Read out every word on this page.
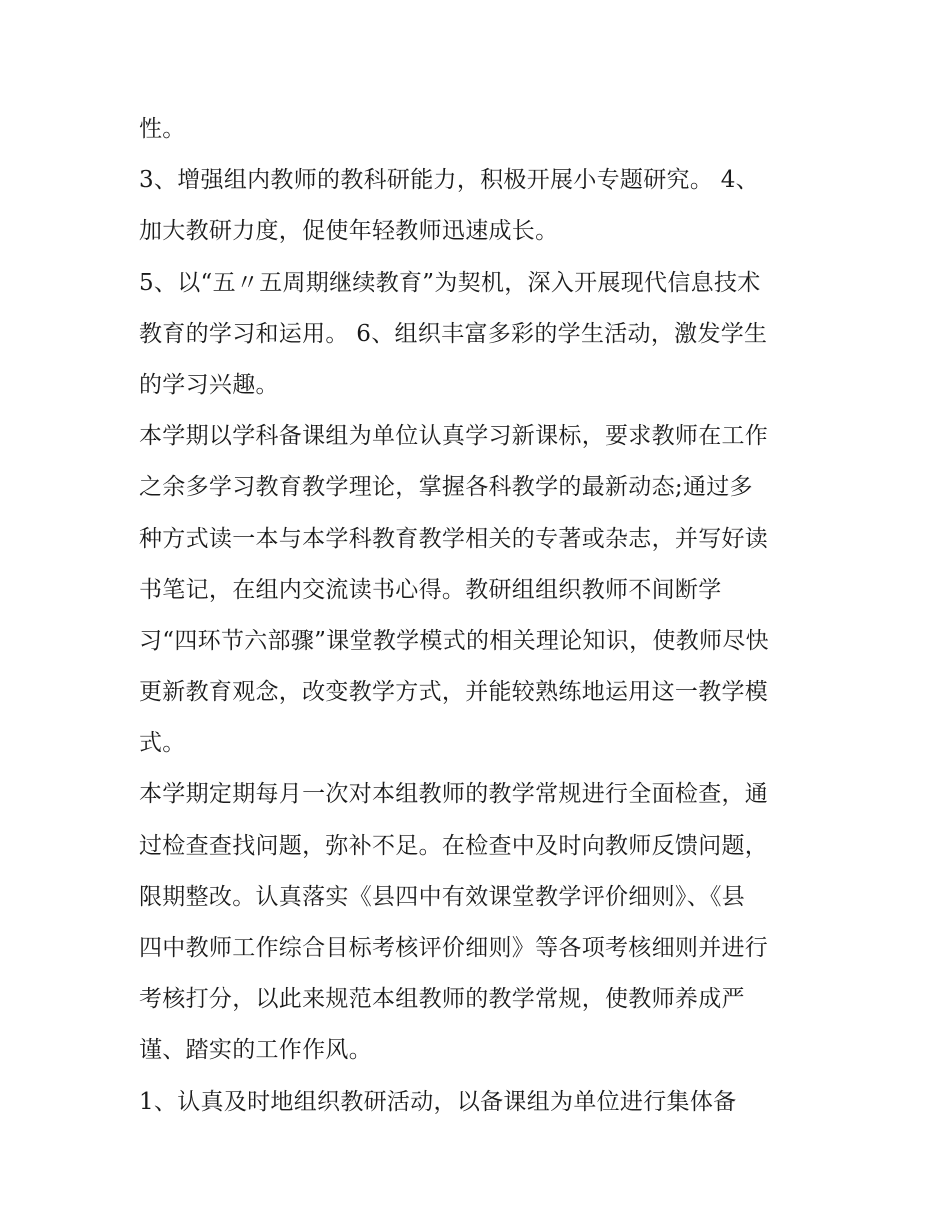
性。
3、增强组内教师的教科研能力，积极开展小专题研究。 4、
加大教研力度，促使年轻教师迅速成长。
5、以“五〃五周期继续教育”为契机，深入开展现代信息技术
教育的学习和运用。 6、组织丰富多彩的学生活动，激发学生
的学习兴趣。
本学期以学科备课组为单位认真学习新课标，要求教师在工作
之余多学习教育教学理论，掌握各科教学的最新动态;通过多
种方式读一本与本学科教育教学相关的专著或杂志，并写好读
书笔记，在组内交流读书心得。教研组组织教师不间断学
习“四环节六部骤”课堂教学模式的相关理论知识，使教师尽快
更新教育观念，改变教学方式，并能较熟练地运用这一教学模
式。
本学期定期每月一次对本组教师的教学常规进行全面检查，通
过检查查找问题，弥补不足。在检查中及时向教师反馈问题，
限期整改。认真落实《县四中有效课堂教学评价细则》、《县
四中教师工作综合目标考核评价细则》等各项考核细则并进行
考核打分，以此来规范本组教师的教学常规，使教师养成严
谨、踏实的工作作风。
1、认真及时地组织教研活动，以备课组为单位进行集体备
